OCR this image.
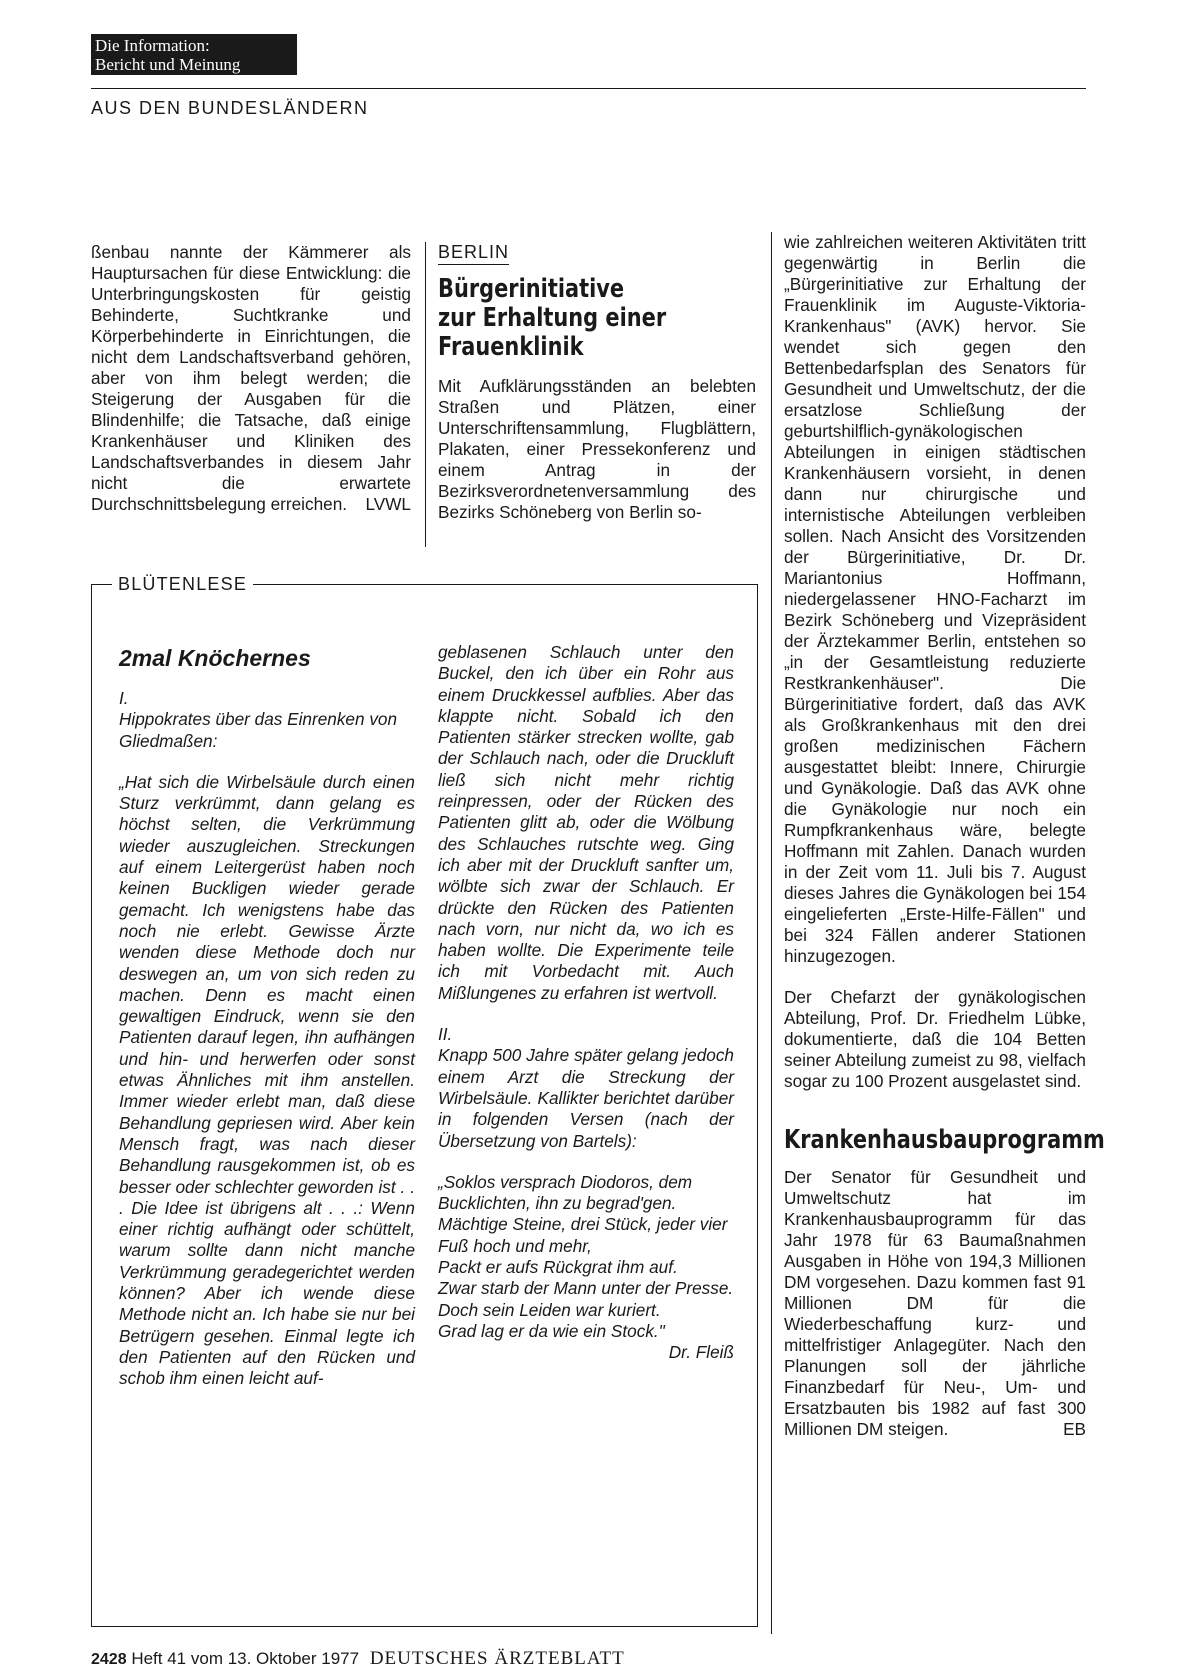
Die Information:
Bericht und Meinung
AUS DEN BUNDESLÄNDERN
ßenbau nannte der Kämmerer als Hauptursachen für diese Entwicklung: die Unterbringungskosten für geistig Behinderte, Suchtkranke und Körperbehinderte in Einrichtungen, die nicht dem Landschaftsverband gehören, aber von ihm belegt werden; die Steigerung der Ausgaben für die Blindenhilfe; die Tatsache, daß einige Krankenhäuser und Kliniken des Landschaftsverbandes in diesem Jahr nicht die erwartete Durchschnittsbelegung erreichen. LVWL
BERLIN
Bürgerinitiative
zur Erhaltung einer
Frauenklinik
Mit Aufklärungsständen an belebten Straßen und Plätzen, einer Unterschriftensammlung, Flugblättern, Plakaten, einer Pressekonferenz und einem Antrag in der Bezirksverordnetenversammlung des Bezirks Schöneberg von Berlin so-
wie zahlreichen weiteren Aktivitäten tritt gegenwärtig in Berlin die „Bürgerinitiative zur Erhaltung der Frauenklinik im Auguste-Viktoria-Krankenhaus" (AVK) hervor. Sie wendet sich gegen den Bettenbedarfsplan des Senators für Gesundheit und Umweltschutz, der die ersatzlose Schließung der geburtshilflich-gynäkologischen Abteilungen in einigen städtischen Krankenhäusern vorsieht, in denen dann nur chirurgische und internistische Abteilungen verbleiben sollen. Nach Ansicht des Vorsitzenden der Bürgerinitiative, Dr. Dr. Mariantonius Hoffmann, niedergelassener HNO-Facharzt im Bezirk Schöneberg und Vizepräsident der Ärztekammer Berlin, entstehen so „in der Gesamtleistung reduzierte Restkrankenhäuser". Die Bürgerinitiative fordert, daß das AVK als Großkrankenhaus mit den drei großen medizinischen Fächern ausgestattet bleibt: Innere, Chirurgie und Gynäkologie. Daß das AVK ohne die Gynäkologie nur noch ein Rumpfkrankenhaus wäre, belegte Hoffmann mit Zahlen. Danach wurden in der Zeit vom 11. Juli bis 7. August dieses Jahres die Gynäkologen bei 154 eingelieferten „Erste-Hilfe-Fällen" und bei 324 Fällen anderer Stationen hinzugezogen.
Der Chefarzt der gynäkologischen Abteilung, Prof. Dr. Friedhelm Lübke, dokumentierte, daß die 104 Betten seiner Abteilung zumeist zu 98, vielfach sogar zu 100 Prozent ausgelastet sind.
Krankenhausbauprogramm
Der Senator für Gesundheit und Umweltschutz hat im Krankenhausbauprogramm für das Jahr 1978 für 63 Baumaßnahmen Ausgaben in Höhe von 194,3 Millionen DM vorgesehen. Dazu kommen fast 91 Millionen DM für die Wiederbeschaffung kurz- und mittelfristiger Anlagegüter. Nach den Planungen soll der jährliche Finanzbedarf für Neu-, Um- und Ersatzbauten bis 1982 auf fast 300 Millionen DM steigen.	EB
BLÜTENLESE
2mal Knöchernes
I.
Hippokrates über das Einrenken von Gliedmaßen:
„Hat sich die Wirbelsäule durch einen Sturz verkrümmt, dann gelang es höchst selten, die Verkrümmung wieder auszugleichen. Streckungen auf einem Leitergerüst haben noch keinen Buckligen wieder gerade gemacht. Ich wenigstens habe das noch nie erlebt. Gewisse Ärzte wenden diese Methode doch nur deswegen an, um von sich reden zu machen. Denn es macht einen gewaltigen Eindruck, wenn sie den Patienten darauf legen, ihn aufhängen und hin- und herwerfen oder sonst etwas Ähnliches mit ihm anstellen. Immer wieder erlebt man, daß diese Behandlung gepriesen wird. Aber kein Mensch fragt, was nach dieser Behandlung rausgekommen ist, ob es besser oder schlechter geworden ist . . . Die Idee ist übrigens alt . . .: Wenn einer richtig aufhängt oder schüttelt, warum sollte dann nicht manche Verkrümmung geradegerichtet werden können? Aber ich wende diese Methode nicht an. Ich habe sie nur bei Betrügern gesehen. Einmal legte ich den Patienten auf den Rücken und schob ihm einen leicht auf-
geblasenen Schlauch unter den Buckel, den ich über ein Rohr aus einem Druckkessel aufblies. Aber das klappte nicht. Sobald ich den Patienten stärker strecken wollte, gab der Schlauch nach, oder die Druckluft ließ sich nicht mehr richtig reinpressen, oder der Rücken des Patienten glitt ab, oder die Wölbung des Schlauches rutschte weg. Ging ich aber mit der Druckluft sanfter um, wölbte sich zwar der Schlauch. Er drückte den Rücken des Patienten nach vorn, nur nicht da, wo ich es haben wollte. Die Experimente teile ich mit Vorbedacht mit. Auch Mißlungenes zu erfahren ist wertvoll.
II.
Knapp 500 Jahre später gelang jedoch einem Arzt die Streckung der Wirbelsäule. Kallikter berichtet darüber in folgenden Versen (nach der Übersetzung von Bartels):
„Soklos versprach Diodoros, dem Bucklichten, ihn zu begrad'gen.
Mächtige Steine, drei Stück, jeder vier Fuß hoch und mehr,
Packt er aufs Rückgrat ihm auf.
Zwar starb der Mann unter der Presse.
Doch sein Leiden war kuriert.
Grad lag er da wie ein Stock."
Dr. Fleiß
2428 Heft 41 vom 13. Oktober 1977 DEUTSCHES ÄRZTEBLATT
